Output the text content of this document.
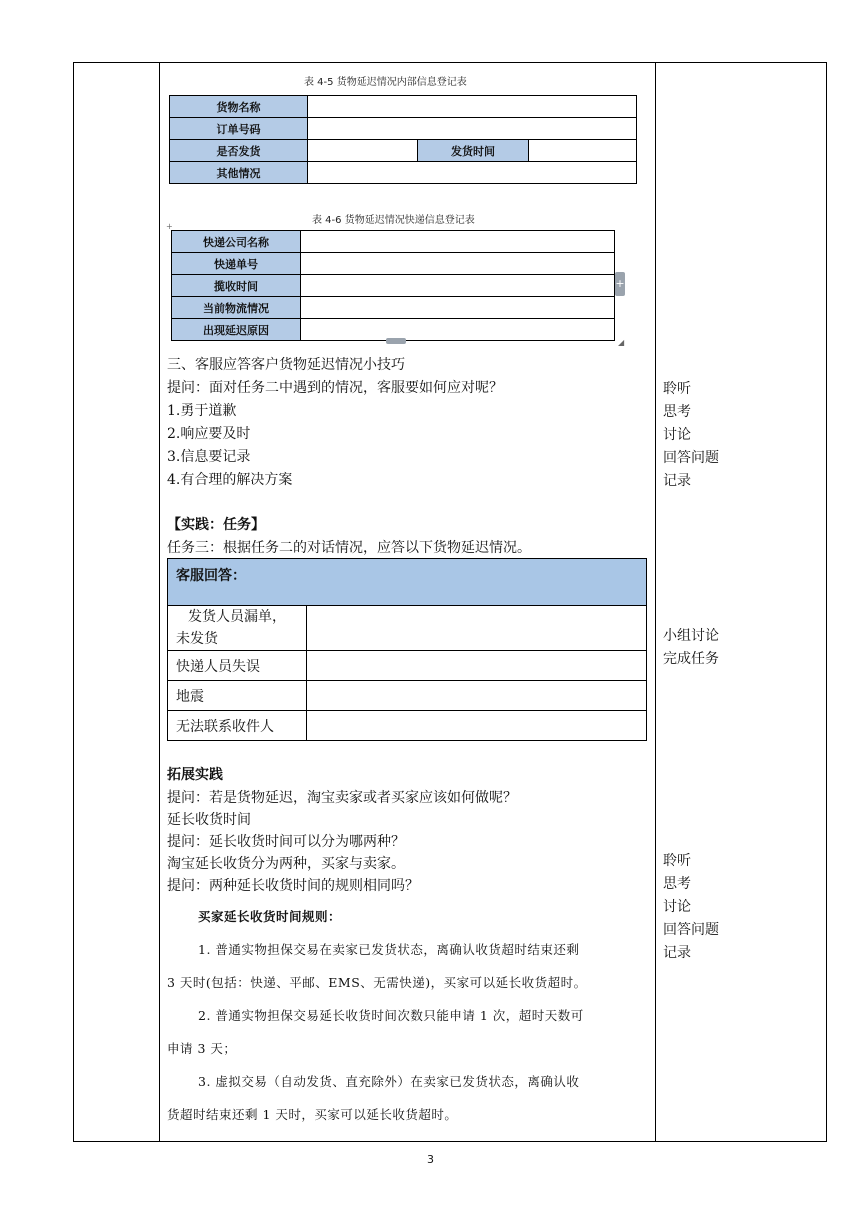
表 4-5 货物延迟情况内部信息登记表
货物名称			
订单号码			
是否发货		发货时间	
其他情况			
表 4-6 货物延迟情况快递信息登记表
+
快递公司名称	
快递单号	
揽收时间	
当前物流情况	
出现延迟原因	
+
◢
三、客服应答客户货物延迟情况小技巧
提问：面对任务二中遇到的情况，客服要如何应对呢？
1.勇于道歉
2.响应要及时
3.信息要记录
4.有合理的解决方案
【实践：任务】
任务三：根据任务二的对话情况，应答以下货物延迟情况。
客服回答：	

发货人员漏单，
未发货	

快递人员失误	
地震	
无法联系收件人	
拓展实践
提问：若是货物延迟，淘宝卖家或者买家应该如何做呢？
延长收货时间
提问：延长收货时间可以分为哪两种？
淘宝延长收货分为两种，买家与卖家。
提问：两种延长收货时间的规则相同吗？
买家延长收货时间规则：
1. 普通实物担保交易在卖家已发货状态，离确认收货超时结束还剩
3 天时(包括：快递、平邮、EMS、无需快递)，买家可以延长收货超时。
2. 普通实物担保交易延长收货时间次数只能申请 1 次，超时天数可
申请 3 天；
3. 虚拟交易（自动发货、直充除外）在卖家已发货状态，离确认收
货超时结束还剩 1 天时，买家可以延长收货超时。
聆听
思考
讨论
回答问题
记录
小组讨论
完成任务
聆听
思考
讨论
回答问题
记录
3
